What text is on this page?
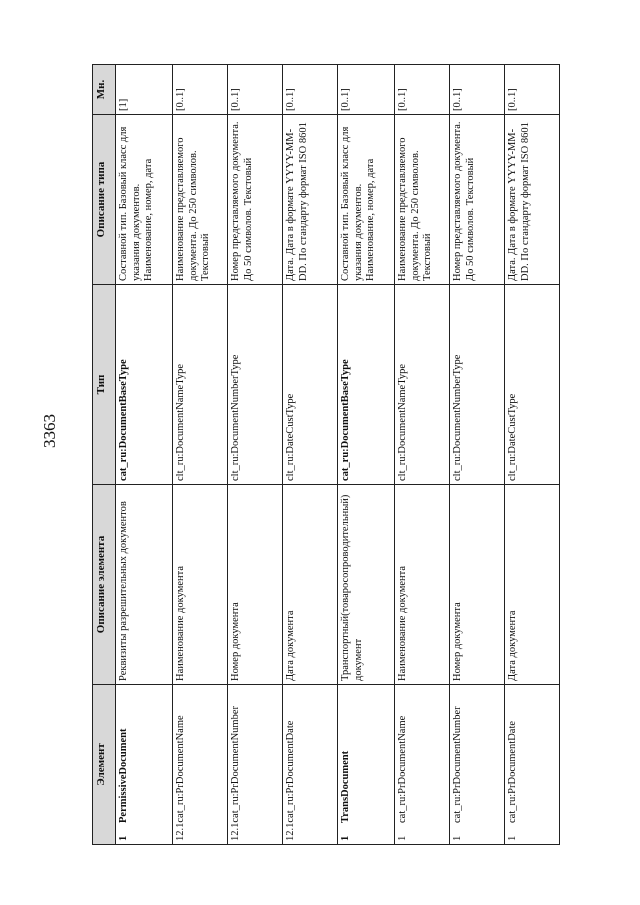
3363
Элемент	Описание элемента	Тип	Описание типа	Мн.
1PermissiveDocument	Реквизиты разрешительных документов	cat_ru:DocumentBaseType	Составной тип. Базовый класс для указания документов. Наименование, номер, дата	[1]
12.1cat_ru:PrDocumentName	Наименование документа	clt_ru:DocumentNameType	Наименование представляемого документа. До 250 символов. Текстовый	[0..1]
12.1cat_ru:PrDocumentNumber	Номер документа	clt_ru:DocumentNumberType	Номер представляемого документа. До 50 символов. Текстовый	[0..1]
12.1cat_ru:PrDocumentDate	Дата документа	clt_ru:DateCustType	Дата. Дата в формате YYYY-MM-DD. По стандарту формат ISO 8601	[0..1]
1TransDocument	Транспортный(товаросопроводительный) документ	cat_ru:DocumentBaseType	Составной тип. Базовый класс для указания документов. Наименование, номер, дата	[0..1]
1cat_ru:PrDocumentName	Наименование документа	clt_ru:DocumentNameType	Наименование представляемого документа. До 250 символов. Текстовый	[0..1]
1cat_ru:PrDocumentNumber	Номер документа	clt_ru:DocumentNumberType	Номер представляемого документа. До 50 символов. Текстовый	[0..1]
1cat_ru:PrDocumentDate	Дата документа	clt_ru:DateCustType	Дата. Дата в формате YYYY-MM-DD. По стандарту формат ISO 8601	[0..1]
